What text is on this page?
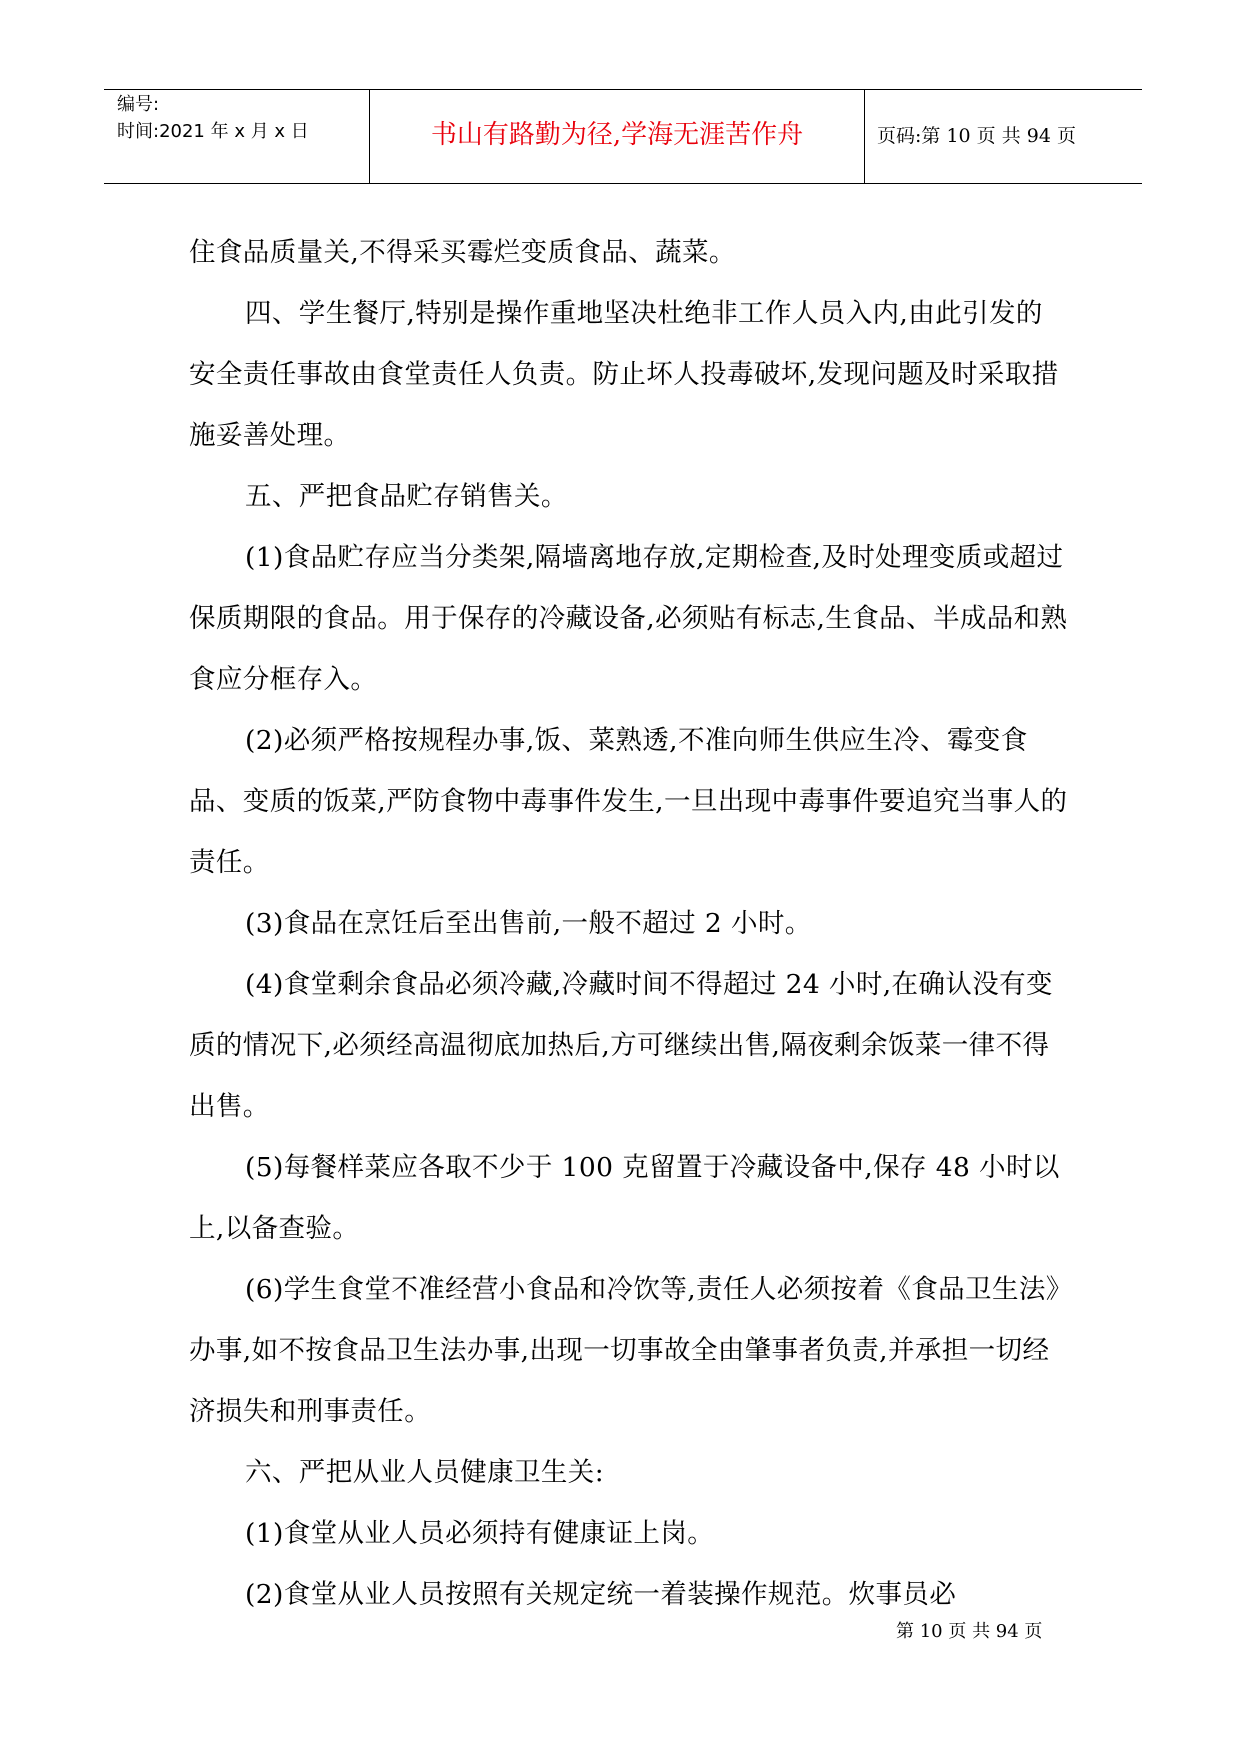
编号:
时间:2021 年 x 月 x 日	书山有路勤为径,学海无涯苦作舟	页码:第 10 页 共 94 页

住食品质量关,不得采买霉烂变质食品、蔬菜。

四、学生餐厅,特别是操作重地坚决杜绝非工作人员入内,由此引发的安全责任事故由食堂责任人负责。防止坏人投毒破坏,发现问题及时采取措施妥善处理。

五、严把食品贮存销售关。

(1)食品贮存应当分类架,隔墙离地存放,定期检查,及时处理变质或超过保质期限的食品。用于保存的冷藏设备,必须贴有标志,生食品、半成品和熟食应分框存入。

(2)必须严格按规程办事,饭、菜熟透,不准向师生供应生冷、霉变食品、变质的饭菜,严防食物中毒事件发生,一旦出现中毒事件要追究当事人的责任。

(3)食品在烹饪后至出售前,一般不超过 2 小时。

(4)食堂剩余食品必须冷藏,冷藏时间不得超过 24 小时,在确认没有变质的情况下,必须经高温彻底加热后,方可继续出售,隔夜剩余饭菜一律不得出售。

(5)每餐样菜应各取不少于 100 克留置于冷藏设备中,保存 48 小时以上,以备查验。

(6)学生食堂不准经营小食品和冷饮等,责任人必须按着《食品卫生法》办事,如不按食品卫生法办事,出现一切事故全由肇事者负责,并承担一切经济损失和刑事责任。

六、严把从业人员健康卫生关:

(1)食堂从业人员必须持有健康证上岗。

(2)食堂从业人员按照有关规定统一着装操作规范。炊事员必

第 10 页 共 94 页
